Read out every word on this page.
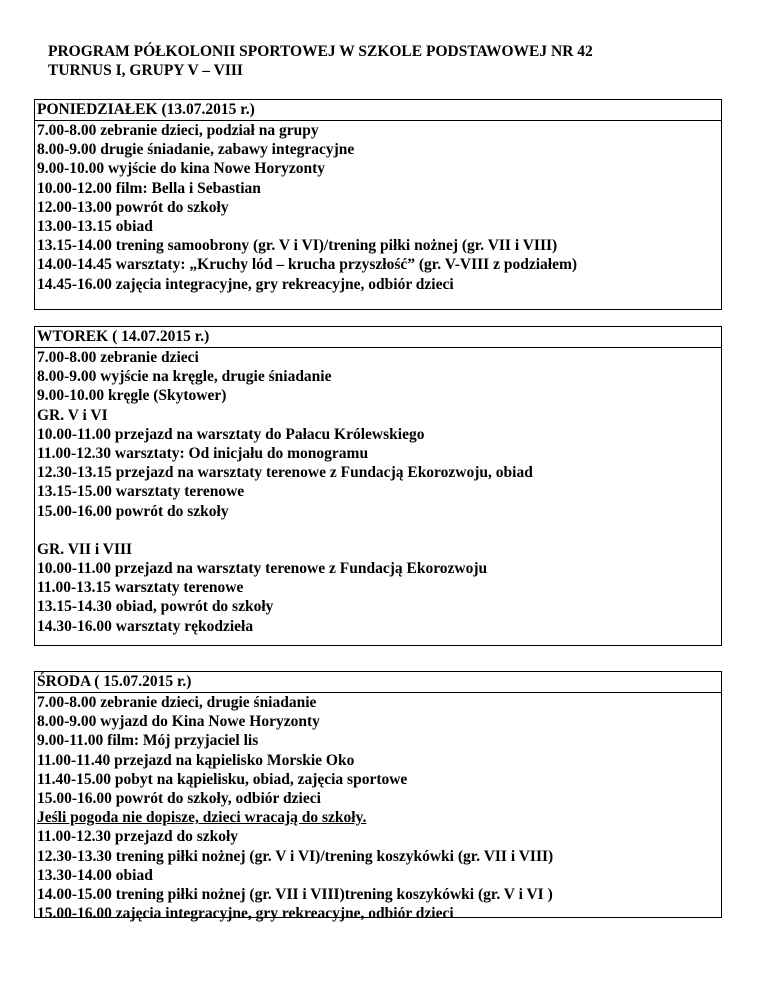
PROGRAM PÓŁKOLONII SPORTOWEJ W SZKOLE PODSTAWOWEJ NR 42
TURNUS I, GRUPY V – VIII
PONIEDZIAŁEK (13.07.2015 r.)
7.00-8.00 zebranie dzieci, podział na grupy
8.00-9.00 drugie śniadanie, zabawy integracyjne
9.00-10.00 wyjście do kina Nowe Horyzonty
10.00-12.00 film: Bella i Sebastian
12.00-13.00 powrót do szkoły
13.00-13.15 obiad
13.15-14.00 trening samoobrony (gr. V i VI)/trening piłki nożnej (gr. VII i VIII)
14.00-14.45 warsztaty: „Kruchy lód – krucha przyszłość” (gr. V-VIII z podziałem)
14.45-16.00 zajęcia integracyjne, gry rekreacyjne, odbiór dzieci
WTOREK ( 14.07.2015 r.)
7.00-8.00 zebranie dzieci
8.00-9.00 wyjście na kręgle, drugie śniadanie
9.00-10.00 kręgle (Skytower)
GR. V i VI
10.00-11.00 przejazd na warsztaty do Pałacu Królewskiego
11.00-12.30 warsztaty: Od inicjału do monogramu
12.30-13.15 przejazd na warsztaty terenowe z Fundacją Ekorozwoju, obiad
13.15-15.00 warsztaty terenowe
15.00-16.00 powrót do szkoły
GR. VII i VIII
10.00-11.00 przejazd na warsztaty terenowe z Fundacją Ekorozwoju
11.00-13.15 warsztaty terenowe
13.15-14.30 obiad, powrót do szkoły
14.30-16.00 warsztaty rękodzieła
ŚRODA ( 15.07.2015 r.)
7.00-8.00 zebranie dzieci, drugie śniadanie
8.00-9.00 wyjazd do Kina Nowe Horyzonty
9.00-11.00 film: Mój przyjaciel lis
11.00-11.40 przejazd na kąpielisko Morskie Oko
11.40-15.00 pobyt na kąpielisku, obiad, zajęcia sportowe
15.00-16.00 powrót do szkoły, odbiór dzieci
Jeśli pogoda nie dopisze, dzieci wracają do szkoły.
11.00-12.30 przejazd do szkoły
12.30-13.30 trening piłki nożnej (gr. V i VI)/trening koszykówki (gr. VII i VIII)
13.30-14.00 obiad
14.00-15.00 trening piłki nożnej (gr. VII i VIII)trening koszykówki (gr. V i VI )
15.00-16.00 zajęcia integracyjne, gry rekreacyjne, odbiór dzieci
